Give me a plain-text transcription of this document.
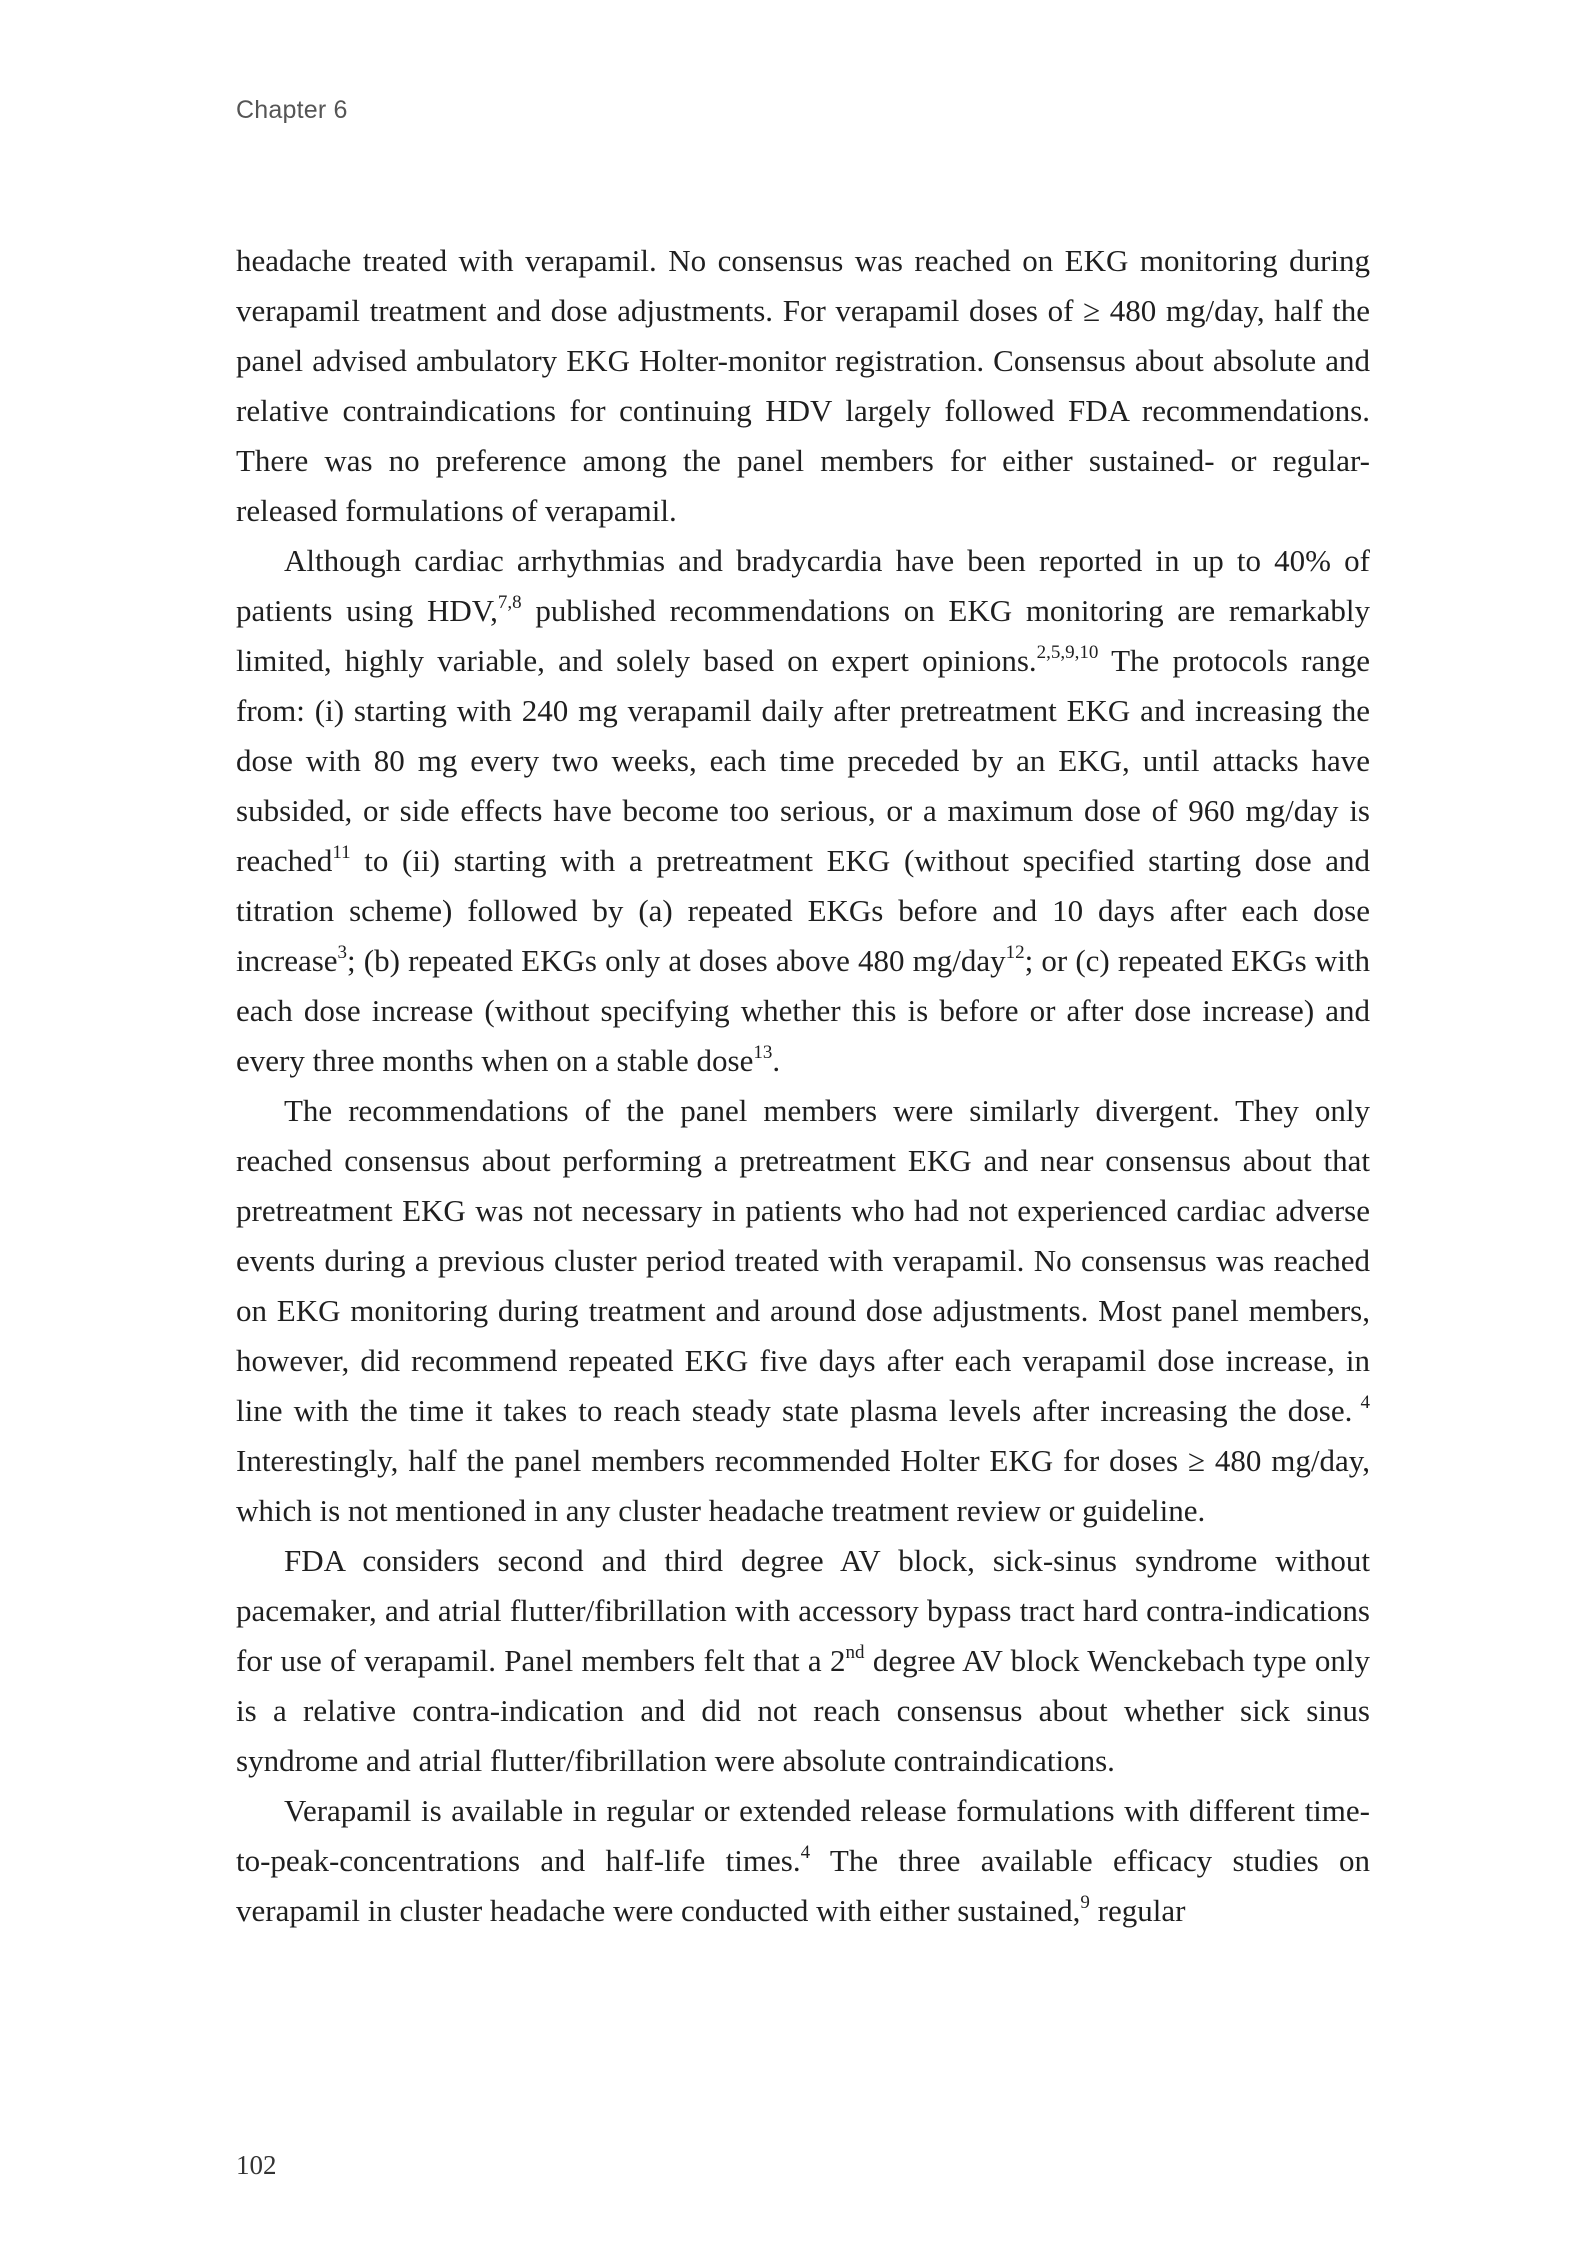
Chapter 6

headache treated with verapamil. No consensus was reached on EKG monitoring during verapamil treatment and dose adjustments. For verapamil doses of ≥ 480 mg/day, half the panel advised ambulatory EKG Holter-monitor registration. Consensus about absolute and relative contraindications for continuing HDV largely followed FDA recommendations. There was no preference among the panel members for either sustained- or regular-released formulations of verapamil.

Although cardiac arrhythmias and bradycardia have been reported in up to 40% of patients using HDV,$^{7,8}$ published recommendations on EKG monitoring are remarkably limited, highly variable, and solely based on expert opinions.$^{2,5,9,10}$ The protocols range from: (i) starting with 240 mg verapamil daily after pretreatment EKG and increasing the dose with 80 mg every two weeks, each time preceded by an EKG, until attacks have subsided, or side effects have become too serious, or a maximum dose of 960 mg/day is reached$^{11}$ to (ii) starting with a pretreatment EKG (without specified starting dose and titration scheme) followed by (a) repeated EKGs before and 10 days after each dose increase$^3$; (b) repeated EKGs only at doses above 480 mg/day$^{12}$; or (c) repeated EKGs with each dose increase (without specifying whether this is before or after dose increase) and every three months when on a stable dose$^{13}$.

The recommendations of the panel members were similarly divergent. They only reached consensus about performing a pretreatment EKG and near consensus about that pretreatment EKG was not necessary in patients who had not experienced cardiac adverse events during a previous cluster period treated with verapamil. No consensus was reached on EKG monitoring during treatment and around dose adjustments. Most panel members, however, did recommend repeated EKG five days after each verapamil dose increase, in line with the time it takes to reach steady state plasma levels after increasing the dose. $^4$ Interestingly, half the panel members recommended Holter EKG for doses ≥ 480 mg/day, which is not mentioned in any cluster headache treatment review or guideline.

FDA considers second and third degree AV block, sick-sinus syndrome without pacemaker, and atrial flutter/fibrillation with accessory bypass tract hard contra-indications for use of verapamil. Panel members felt that a 2nd degree AV block Wenckebach type only is a relative contra-indication and did not reach consensus about whether sick sinus syndrome and atrial flutter/fibrillation were absolute contraindications.

Verapamil is available in regular or extended release formulations with different time-to-peak-concentrations and half-life times.$^4$ The three available efficacy studies on verapamil in cluster headache were conducted with either sustained,$^9$ regular

102
